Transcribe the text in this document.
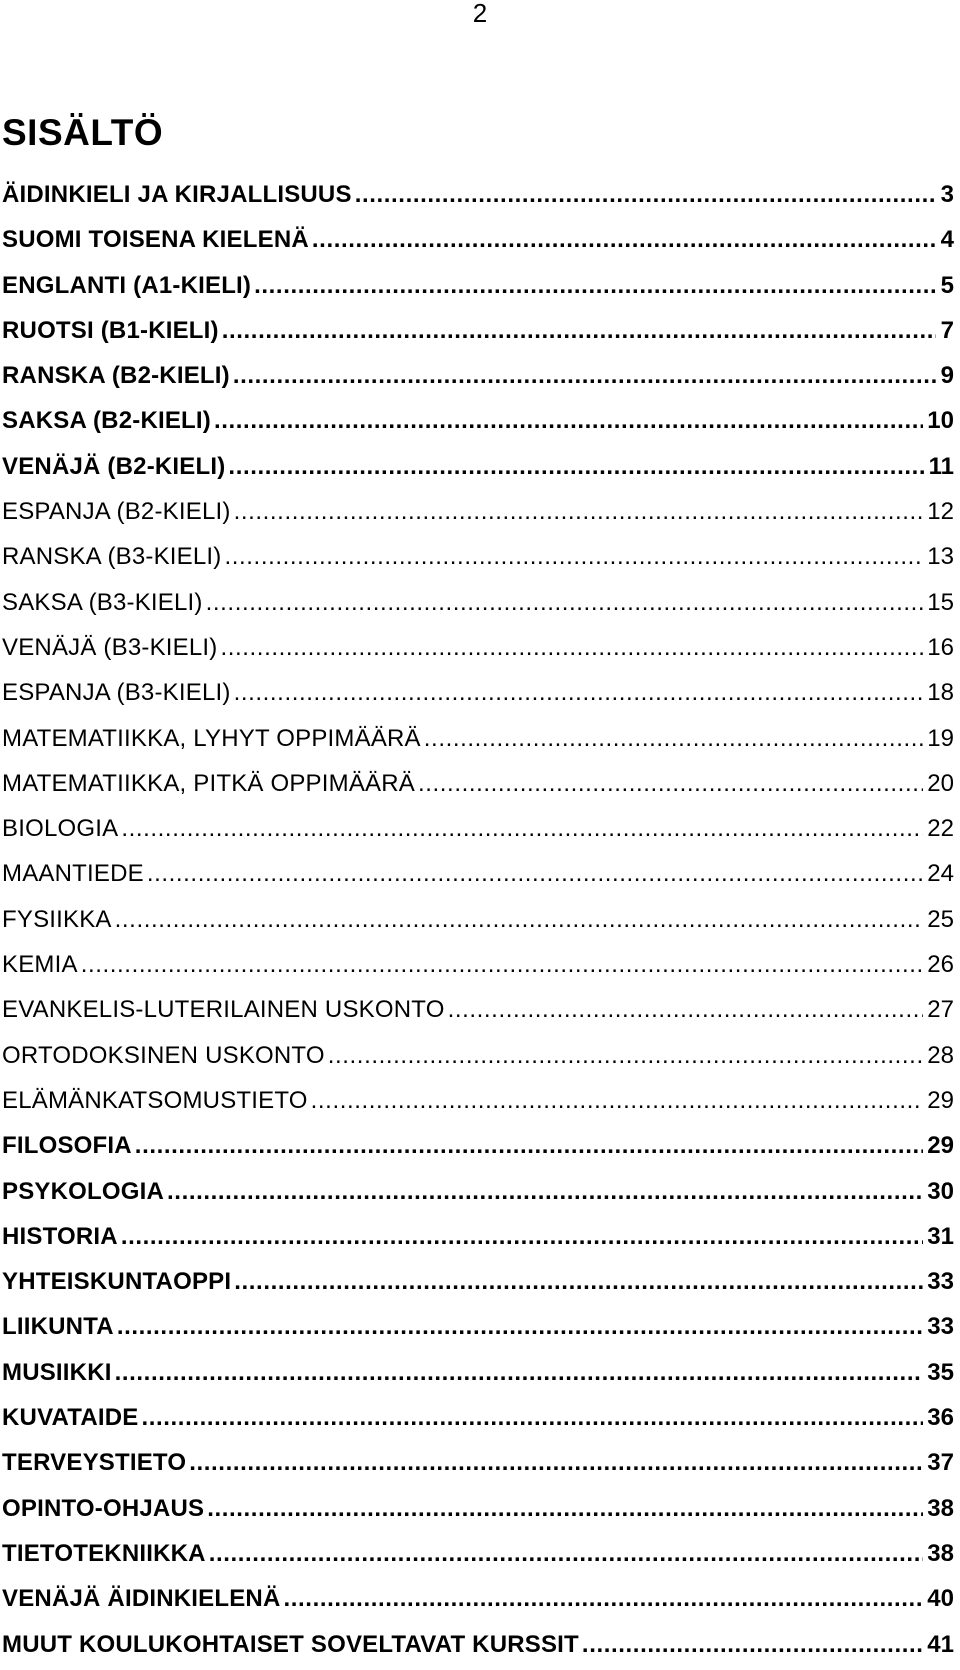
2
SISÄLTÖ
ÄIDINKIELI JA KIRJALLISUUS .....	3
SUOMI TOISENA KIELENÄ .....	4
ENGLANTI (A1-KIELI) .....	5
RUOTSI (B1-KIELI) .....	7
RANSKA (B2-KIELI) .....	9
SAKSA (B2-KIELI) .....	10
VENÄJÄ (B2-KIELI) .....	11
ESPANJA (B2-KIELI) .....	12
RANSKA (B3-KIELI) .....	13
SAKSA (B3-KIELI) .....	15
VENÄJÄ (B3-KIELI) .....	16
ESPANJA (B3-KIELI) .....	18
MATEMATIIKKA, LYHYT OPPIMÄÄRÄ .....	19
MATEMATIIKKA, PITKÄ OPPIMÄÄRÄ .....	20
BIOLOGIA .....	22
MAANTIEDE .....	24
FYSIIKKA .....	25
KEMIA .....	26
EVANKELIS-LUTERILAINEN USKONTO .....	27
ORTODOKSINEN USKONTO .....	28
ELÄMÄNKATSOMUSTIETO .....	29
FILOSOFIA .....	29
PSYKOLOGIA .....	30
HISTORIA .....	31
YHTEISKUNTAOPPI .....	33
LIIKUNTA .....	33
MUSIIKKI .....	35
KUVATAIDE .....	36
TERVEYSTIETO .....	37
OPINTO-OHJAUS .....	38
TIETOTEKNIIKKA .....	38
VENÄJÄ ÄIDINKIELENÄ .....	40
MUUT KOULUKOHTAISET SOVELTAVAT KURSSIT .....	41
